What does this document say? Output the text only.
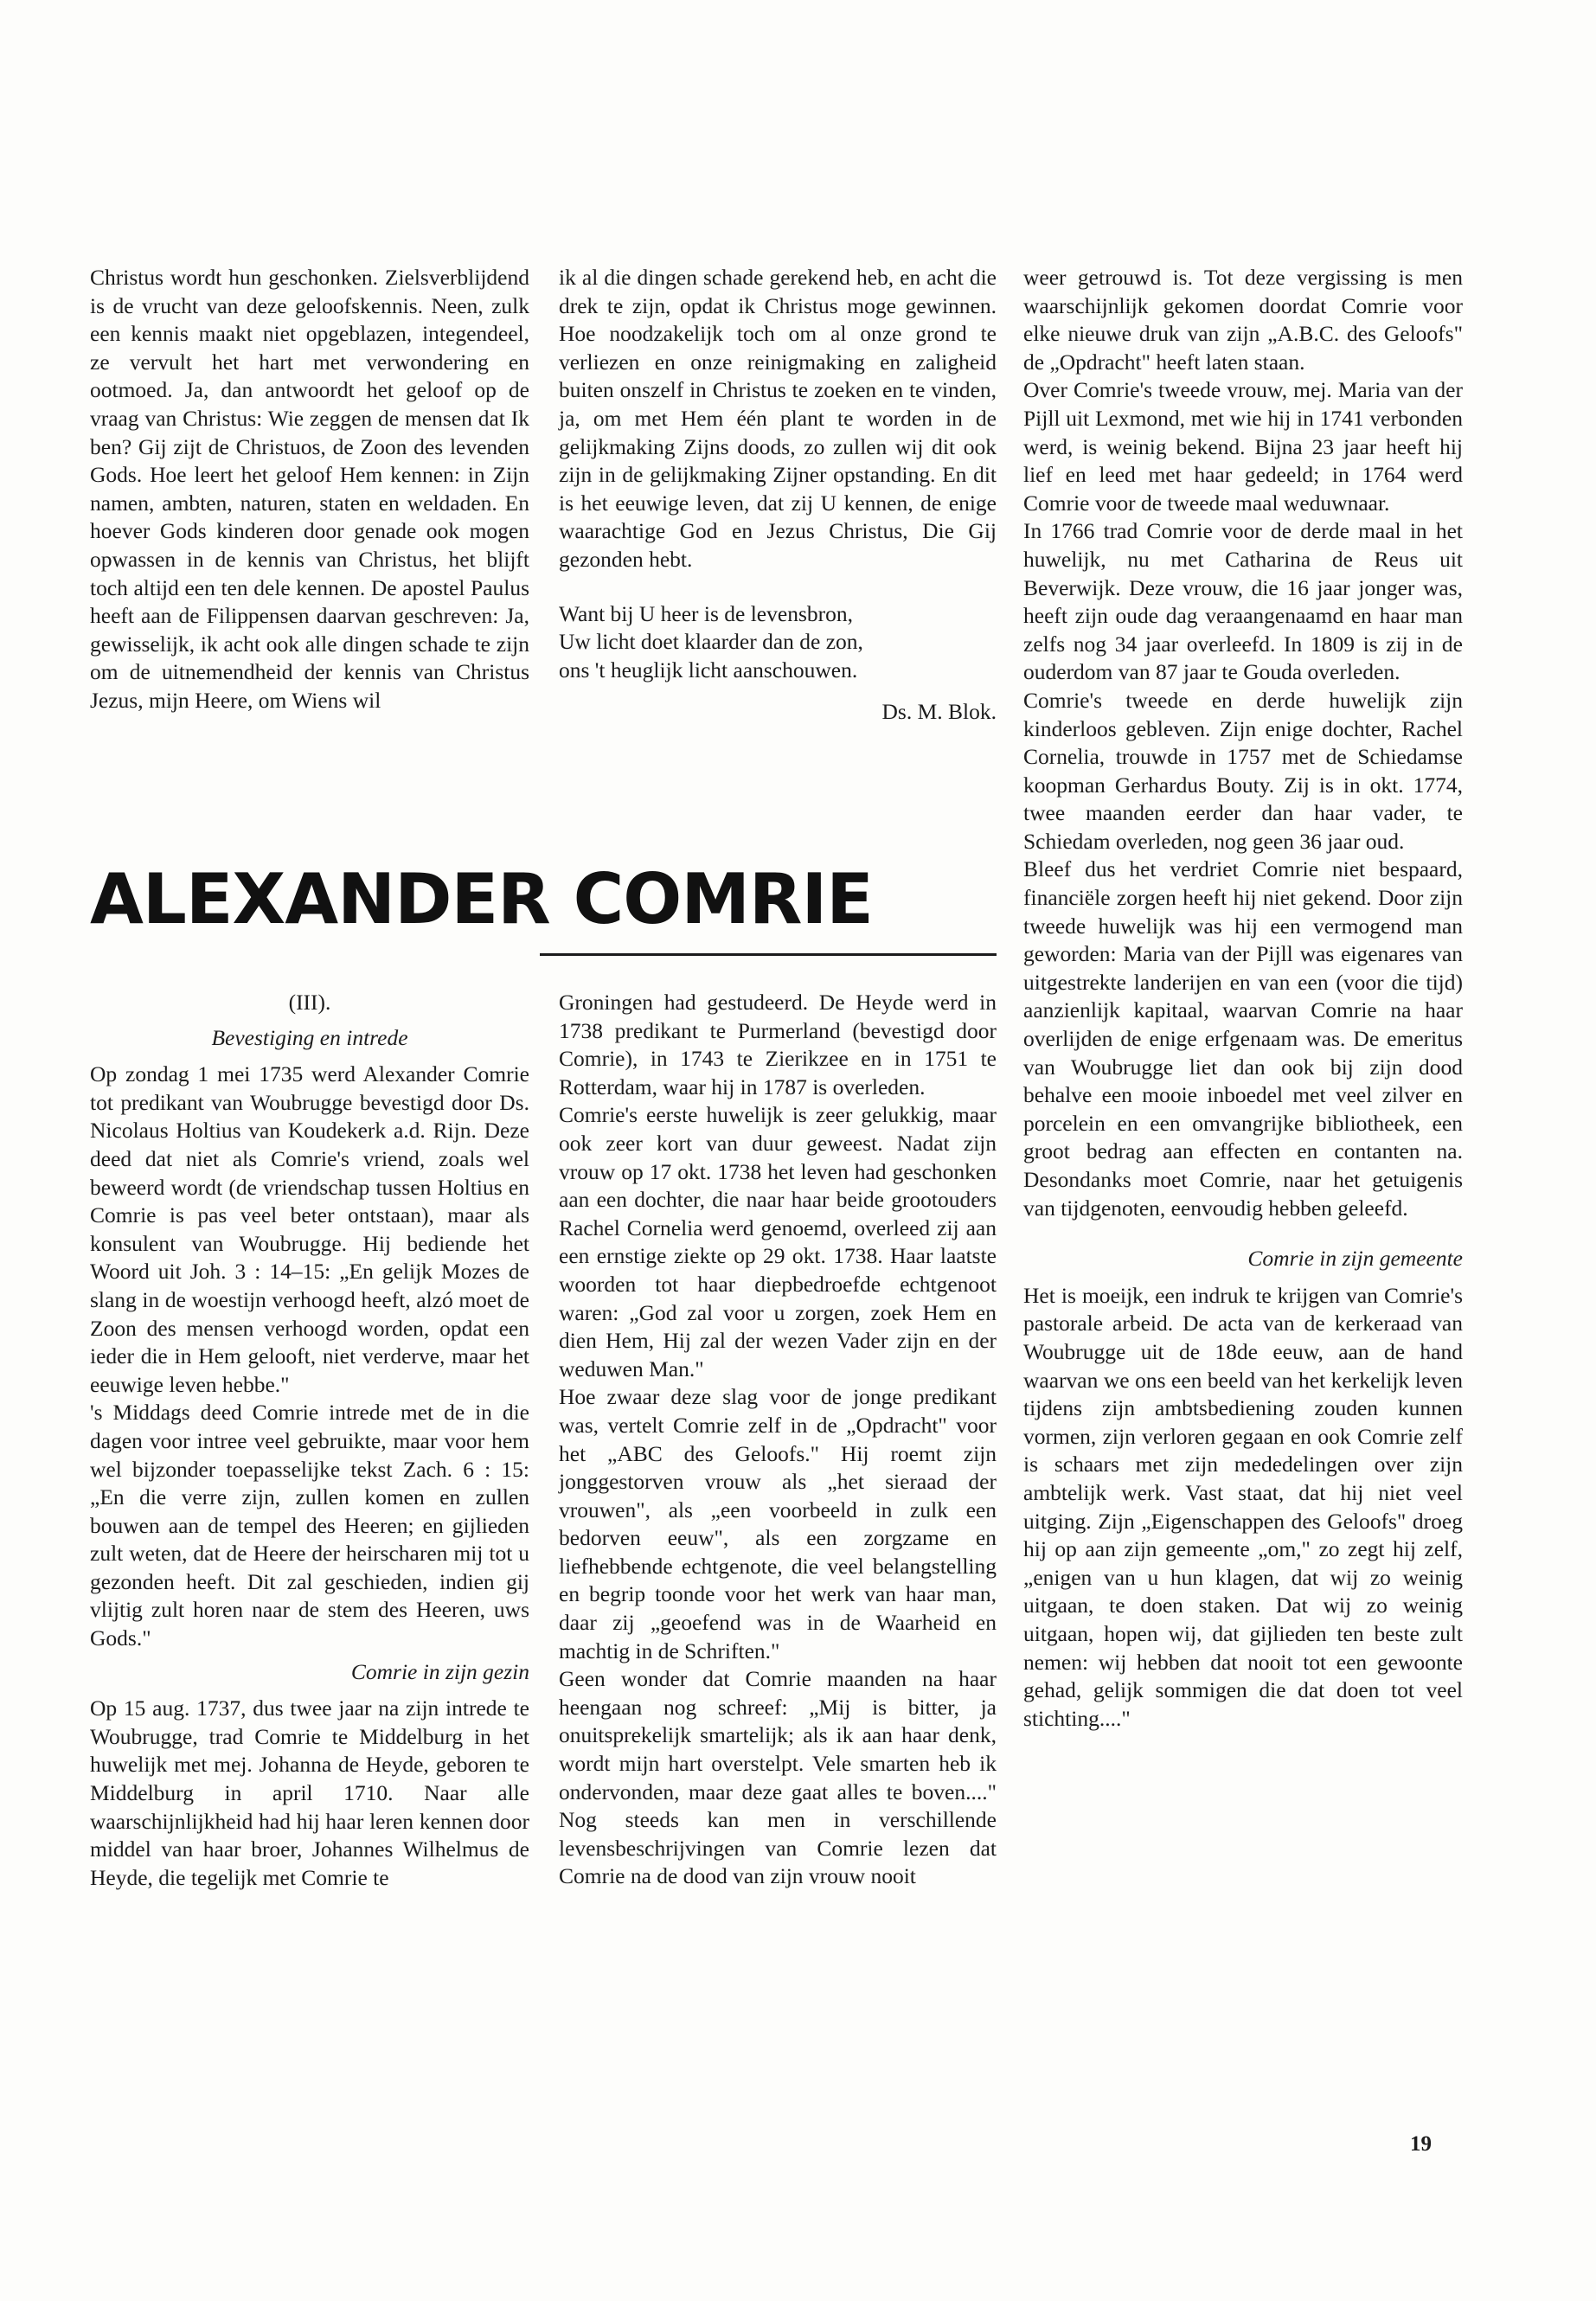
Christus wordt hun geschonken. Zielsverblijdend is de vrucht van deze geloofskennis. Neen, zulk een kennis maakt niet opgeblazen, integendeel, ze vervult het hart met verwondering en ootmoed. Ja, dan antwoordt het geloof op de vraag van Christus: Wie zeggen de mensen dat Ik ben? Gij zijt de Christuos, de Zoon des levenden Gods. Hoe leert het geloof Hem kennen: in Zijn namen, ambten, naturen, staten en weldaden. En hoever Gods kinderen door genade ook mogen opwassen in de kennis van Christus, het blijft toch altijd een ten dele kennen. De apostel Paulus heeft aan de Filippensen daarvan geschreven: Ja, gewisselijk, ik acht ook alle dingen schade te zijn om de uitnemendheid der kennis van Christus Jezus, mijn Heere, om Wiens wil

ik al die dingen schade gerekend heb, en acht die drek te zijn, opdat ik Christus moge gewinnen. Hoe noodzakelijk toch om al onze grond te verliezen en onze reinigmaking en zaligheid buiten onszelf in Christus te zoeken en te vinden, ja, om met Hem één plant te worden in de gelijkmaking Zijns doods, zo zullen wij dit ook zijn in de gelijkmaking Zijner opstanding. En dit is het eeuwige leven, dat zij U kennen, de enige waarachtige God en Jezus Christus, Die Gij gezonden hebt.

Want bij U heer is de levensbron,
Uw licht doet klaarder dan de zon,
ons 't heuglijk licht aanschouwen.

Ds. M. Blok.

ALEXANDER COMRIE

(III).

Bevestiging en intrede

Op zondag 1 mei 1735 werd Alexander Comrie tot predikant van Woubrugge bevestigd door Ds. Nicolaus Holtius van Koudekerk a.d. Rijn. Deze deed dat niet als Comrie's vriend, zoals wel beweerd wordt (de vriendschap tussen Holtius en Comrie is pas veel beter ontstaan), maar als konsulent van Woubrugge. Hij bediende het Woord uit Joh. 3 : 14–15: „En gelijk Mozes de slang in de woestijn verhoogd heeft, alzó moet de Zoon des mensen verhoogd worden, opdat een ieder die in Hem gelooft, niet verderve, maar het eeuwige leven hebbe."

's Middags deed Comrie intrede met de in die dagen voor intree veel gebruikte, maar voor hem wel bijzonder toepasselijke tekst Zach. 6 : 15: „En die verre zijn, zullen komen en zullen bouwen aan de tempel des Heeren; en gijlieden zult weten, dat de Heere der heirscharen mij tot u gezonden heeft. Dit zal geschieden, indien gij vlijtig zult horen naar de stem des Heeren, uws Gods."

Comrie in zijn gezin

Op 15 aug. 1737, dus twee jaar na zijn intrede te Woubrugge, trad Comrie te Middelburg in het huwelijk met mej. Johanna de Heyde, geboren te Middelburg in april 1710. Naar alle waarschijnlijkheid had hij haar leren kennen door middel van haar broer, Johannes Wilhelmus de Heyde, die tegelijk met Comrie te

Groningen had gestudeerd. De Heyde werd in 1738 predikant te Purmerland (bevestigd door Comrie), in 1743 te Zierikzee en in 1751 te Rotterdam, waar hij in 1787 is overleden.

Comrie's eerste huwelijk is zeer gelukkig, maar ook zeer kort van duur geweest. Nadat zijn vrouw op 17 okt. 1738 het leven had geschonken aan een dochter, die naar haar beide grootouders Rachel Cornelia werd genoemd, overleed zij aan een ernstige ziekte op 29 okt. 1738. Haar laatste woorden tot haar diepbedroefde echtgenoot waren: „God zal voor u zorgen, zoek Hem en dien Hem, Hij zal der wezen Vader zijn en der weduwen Man."

Hoe zwaar deze slag voor de jonge predikant was, vertelt Comrie zelf in de „Opdracht" voor het „ABC des Geloofs." Hij roemt zijn jonggestorven vrouw als „het sieraad der vrouwen", als „een voorbeeld in zulk een bedorven eeuw", als een zorgzame en liefhebbende echtgenote, die veel belangstelling en begrip toonde voor het werk van haar man, daar zij „geoefend was in de Waarheid en machtig in de Schriften."

Geen wonder dat Comrie maanden na haar heengaan nog schreef: „Mij is bitter, ja onuitsprekelijk smartelijk; als ik aan haar denk, wordt mijn hart overstelpt. Vele smarten heb ik ondervonden, maar deze gaat alles te boven...." Nog steeds kan men in verschillende levensbeschrijvingen van Comrie lezen dat Comrie na de dood van zijn vrouw nooit

weer getrouwd is. Tot deze vergissing is men waarschijnlijk gekomen doordat Comrie voor elke nieuwe druk van zijn „A.B.C. des Geloofs" de „Opdracht" heeft laten staan.

Over Comrie's tweede vrouw, mej. Maria van der Pijll uit Lexmond, met wie hij in 1741 verbonden werd, is weinig bekend. Bijna 23 jaar heeft hij lief en leed met haar gedeeld; in 1764 werd Comrie voor de tweede maal weduwnaar.

In 1766 trad Comrie voor de derde maal in het huwelijk, nu met Catharina de Reus uit Beverwijk. Deze vrouw, die 16 jaar jonger was, heeft zijn oude dag veraangenaamd en haar man zelfs nog 34 jaar overleefd. In 1809 is zij in de ouderdom van 87 jaar te Gouda overleden.

Comrie's tweede en derde huwelijk zijn kinderloos gebleven. Zijn enige dochter, Rachel Cornelia, trouwde in 1757 met de Schiedamse koopman Gerhardus Bouty. Zij is in okt. 1774, twee maanden eerder dan haar vader, te Schiedam overleden, nog geen 36 jaar oud.

Bleef dus het verdriet Comrie niet bespaard, financiële zorgen heeft hij niet gekend. Door zijn tweede huwelijk was hij een vermogend man geworden: Maria van der Pijll was eigenares van uitgestrekte landerijen en van een (voor die tijd) aanzienlijk kapitaal, waarvan Comrie na haar overlijden de enige erfgenaam was. De emeritus van Woubrugge liet dan ook bij zijn dood behalve een mooie inboedel met veel zilver en porcelein en een omvangrijke bibliotheek, een groot bedrag aan effecten en contanten na. Desondanks moet Comrie, naar het getuigenis van tijdgenoten, eenvoudig hebben geleefd.

Comrie in zijn gemeente

Het is moeijk, een indruk te krijgen van Comrie's pastorale arbeid. De acta van de kerkeraad van Woubrugge uit de 18de eeuw, aan de hand waarvan we ons een beeld van het kerkelijk leven tijdens zijn ambtsbediening zouden kunnen vormen, zijn verloren gegaan en ook Comrie zelf is schaars met zijn mededelingen over zijn ambtelijk werk. Vast staat, dat hij niet veel uitging. Zijn „Eigenschappen des Geloofs" droeg hij op aan zijn gemeente „om," zo zegt hij zelf, „enigen van u hun klagen, dat wij zo weinig uitgaan, te doen staken. Dat wij zo weinig uitgaan, hopen wij, dat gijlieden ten beste zult nemen: wij hebben dat nooit tot een gewoonte gehad, gelijk sommigen die dat doen tot veel stichting...."

19
